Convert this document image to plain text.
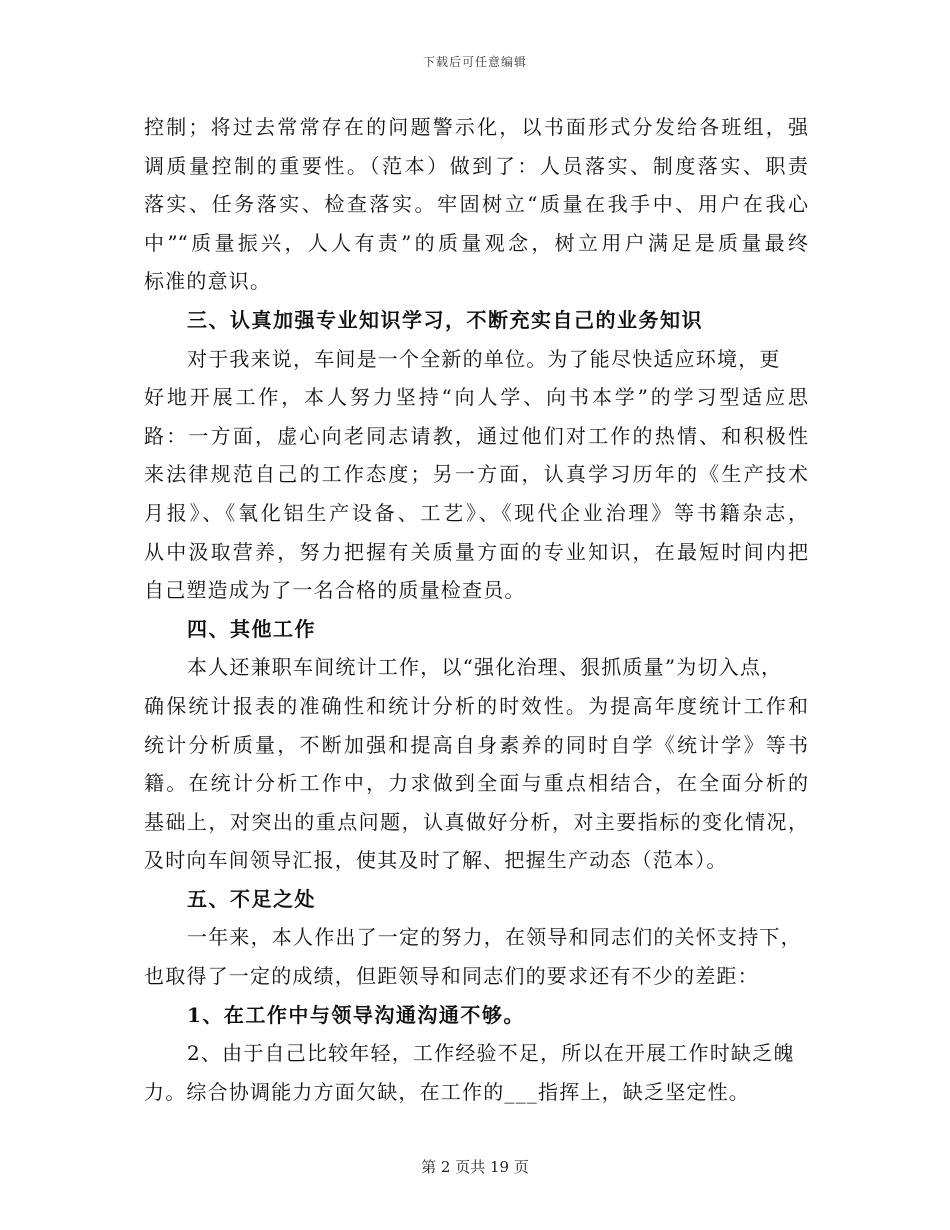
下载后可任意编辑
控制；将过去常常存在的问题警示化，以书面形式分发给各班组，强
调质量控制的重要性。（范本）做到了：人员落实、制度落实、职责
落实、任务落实、检查落实。牢固树立“质量在我手中、用户在我心
中”“质量振兴，人人有责”的质量观念，树立用户满足是质量最终
标准的意识。
三、认真加强专业知识学习，不断充实自己的业务知识
对于我来说，车间是一个全新的单位。为了能尽快适应环境，更
好地开展工作，本人努力坚持“向人学、向书本学”的学习型适应思
路：一方面，虚心向老同志请教，通过他们对工作的热情、和积极性
来法律规范自己的工作态度；另一方面，认真学习历年的《生产技术
月报》、《氧化铝生产设备、工艺》、《现代企业治理》等书籍杂志，
从中汲取营养，努力把握有关质量方面的专业知识，在最短时间内把
自己塑造成为了一名合格的质量检查员。
四、其他工作
本人还兼职车间统计工作，以“强化治理、狠抓质量”为切入点，
确保统计报表的准确性和统计分析的时效性。为提高年度统计工作和
统计分析质量，不断加强和提高自身素养的同时自学《统计学》等书
籍。在统计分析工作中，力求做到全面与重点相结合，在全面分析的
基础上，对突出的重点问题，认真做好分析，对主要指标的变化情况，
及时向车间领导汇报，使其及时了解、把握生产动态（范本）。
五、不足之处
一年来，本人作出了一定的努力，在领导和同志们的关怀支持下，
也取得了一定的成绩，但距领导和同志们的要求还有不少的差距：
1、在工作中与领导沟通沟通不够。
2、由于自己比较年轻，工作经验不足，所以在开展工作时缺乏魄
力。综合协调能力方面欠缺，在工作的___指挥上，缺乏坚定性。
第 2 页共 19 页
